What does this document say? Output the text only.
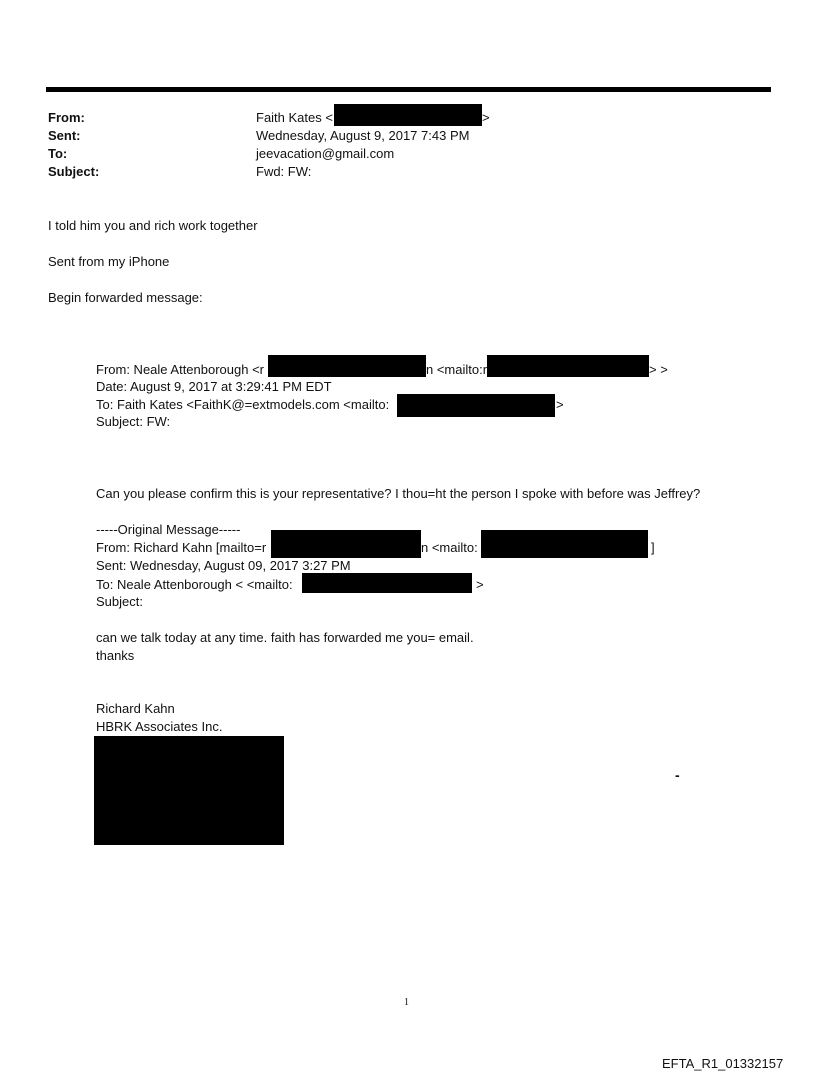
From:	Faith Kates <	>
Sent:	Wednesday, August 9, 2017 7:43 PM
To:	jeevacation@gmail.com
Subject:	Fwd: FW:
I told him you and rich work together
Sent from my iPhone
Begin forwarded message:
From: Neale Attenborough <r	n <mailto:r	> >
Date: August 9, 2017 at 3:29:41 PM EDT
To: Faith Kates <FaithK@=extmodels.com <mailto:	>
Subject: FW:
Can you please confirm this is your representative? I thou=ht the person I spoke with before was Jeffrey?
-----Original Message-----
From: Richard Kahn [mailto=r	n <mailto:	]
Sent: Wednesday, August 09, 2017 3:27 PM
To: Neale Attenborough < <mailto:	>
Subject:
can we talk today at any time. faith has forwarded me you= email.
thanks
Richard Kahn
HBRK Associates Inc.
-
1
EFTA_R1_01332157
